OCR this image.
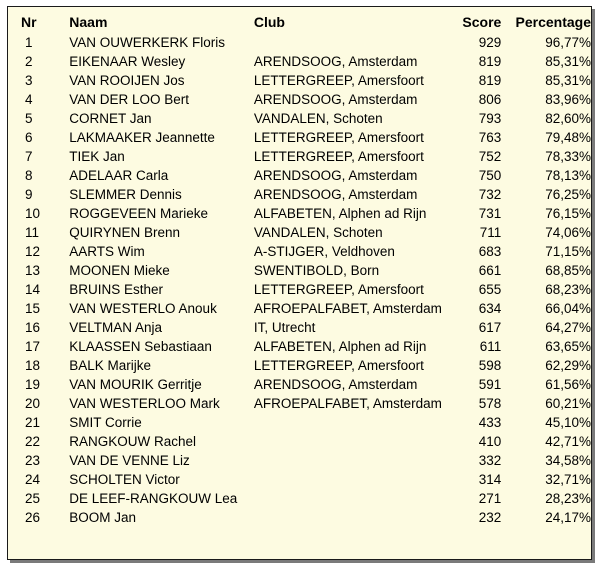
Nr	Naam	Club	Score	Percentage
1	VAN OUWERKERK Floris		929	96,77%
2	EIKENAAR Wesley	ARENDSOOG, Amsterdam	819	85,31%
3	VAN ROOIJEN Jos	LETTERGREEP, Amersfoort	819	85,31%
4	VAN DER LOO Bert	ARENDSOOG, Amsterdam	806	83,96%
5	CORNET Jan	VANDALEN, Schoten	793	82,60%
6	LAKMAAKER Jeannette	LETTERGREEP, Amersfoort	763	79,48%
7	TIEK Jan	LETTERGREEP, Amersfoort	752	78,33%
8	ADELAAR Carla	ARENDSOOG, Amsterdam	750	78,13%
9	SLEMMER Dennis	ARENDSOOG, Amsterdam	732	76,25%
10	ROGGEVEEN Marieke	ALFABETEN, Alphen ad Rijn	731	76,15%
11	QUIRYNEN Brenn	VANDALEN, Schoten	711	74,06%
12	AARTS Wim	A-STIJGER, Veldhoven	683	71,15%
13	MOONEN Mieke	SWENTIBOLD, Born	661	68,85%
14	BRUINS Esther	LETTERGREEP, Amersfoort	655	68,23%
15	VAN WESTERLO Anouk	AFROEPALFABET, Amsterdam	634	66,04%
16	VELTMAN Anja	IT, Utrecht	617	64,27%
17	KLAASSEN Sebastiaan	ALFABETEN, Alphen ad Rijn	611	63,65%
18	BALK Marijke	LETTERGREEP, Amersfoort	598	62,29%
19	VAN MOURIK Gerritje	ARENDSOOG, Amsterdam	591	61,56%
20	VAN WESTERLOO Mark	AFROEPALFABET, Amsterdam	578	60,21%
21	SMIT Corrie		433	45,10%
22	RANGKOUW Rachel		410	42,71%
23	VAN DE VENNE Liz		332	34,58%
24	SCHOLTEN Victor		314	32,71%
25	DE LEEF-RANGKOUW Lea		271	28,23%
26	BOOM Jan		232	24,17%
